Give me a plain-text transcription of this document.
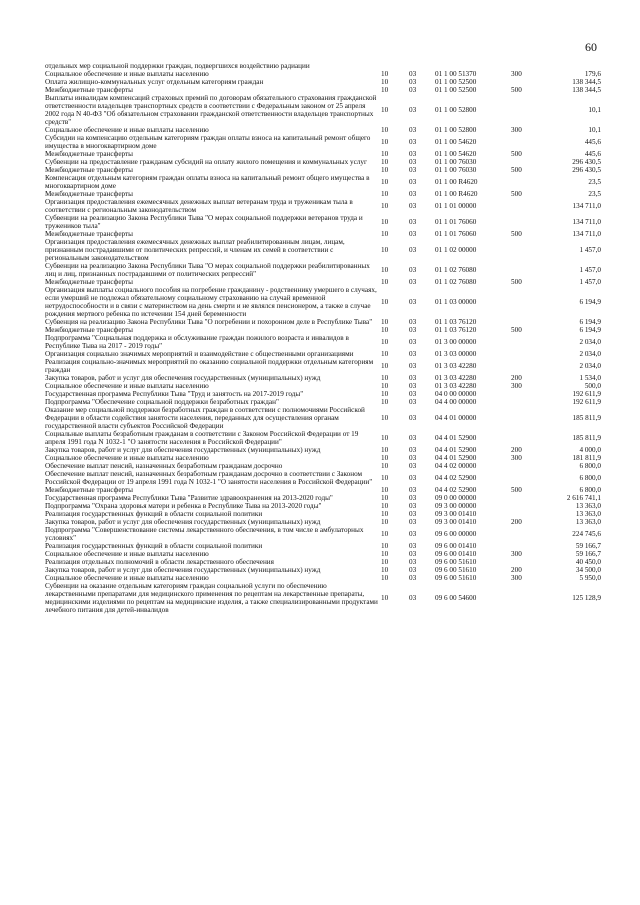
60
отдельных мер социальной поддержки граждан, подвергшихся воздействию радиации					
Социальное обеспечение и иные выплаты населению	10	03	01 1 00 51370	300	179,6
Оплата жилищно-коммунальных услуг отдельным категориям граждан	10	03	01 1 00 52500		138 344,5
Межбюджетные трансферты	10	03	01 1 00 52500	500	138 344,5
Выплаты инвалидам компенсаций страховых премий по договорам обязательного страхования гражданской ответственности владельцев транспортных средств в соответствии с Федеральным законом от 25 апреля 2002 года N 40-ФЗ "Об обязательном страховании гражданской ответственности владельцев транспортных средств"	10	03	01 1 00 52800		10,1
Социальное обеспечение и иные выплаты населению	10	03	01 1 00 52800	300	10,1
Субсидии на компенсацию отдельным категориям граждан оплаты взноса на капитальный ремонт общего имущества в многоквартирном доме	10	03	01 1 00 54620		445,6
Межбюджетные трансферты	10	03	01 1 00 54620	500	445,6
Субвенции на предоставление гражданам субсидий на оплату жилого помещения и коммунальных услуг	10	03	01 1 00 76030		296 430,5
Межбюджетные трансферты	10	03	01 1 00 76030	500	296 430,5
Компенсация отдельным категориям граждан оплаты взноса на капитальный ремонт общего имущества в многоквартирном доме	10	03	01 1 00 R4620		23,5
Межбюджетные трансферты	10	03	01 1 00 R4620	500	23,5
Организация предоставления ежемесячных денежных выплат ветеранам труда и труженикам тыла в соответствии с региональным законодательством	10	03	01 1 01 00000		134 711,0
Субвенции на реализацию Закона Республики Тыва "О мерах социальной поддержки ветеранов труда и тружеников тыла"	10	03	01 1 01 76060		134 711,0
Межбюджетные трансферты	10	03	01 1 01 76060	500	134 711,0
Организация предоставления ежемесячных денежных выплат реабилитированным лицам, лицам, признанным пострадавшими от политических репрессий, и членам их семей в соответствии с региональным законодательством	10	03	01 1 02 00000		1 457,0
Субвенции на реализацию Закона Республики Тыва "О мерах социальной поддержки реабилитированных лиц и лиц, признанных пострадавшими от политических репрессий"	10	03	01 1 02 76080		1 457,0
Межбюджетные трансферты	10	03	01 1 02 76080	500	1 457,0
Организация выплаты социального пособия на погребение гражданину - родственнику умершего в случаях, если умерший не подлежал обязательному социальному страхованию на случай временной нетрудоспособности и в связи с материнством на день смерти и не являлся пенсионером, а также в случае рождения мертвого ребенка по истечении 154 дней беременности	10	03	01 1 03 00000		6 194,9
Субвенция на реализацию Закона Республики Тыва "О погребении и похоронном деле в Республике Тыва"	10	03	01 1 03 76120		6 194,9
Межбюджетные трансферты	10	03	01 1 03 76120	500	6 194,9
Подпрограмма "Социальная поддержка и обслуживание граждан пожилого возраста и инвалидов в Республике Тыва на 2017 - 2019 годы"	10	03	01 3 00 00000		2 034,0
Организация социально значимых мероприятий и взаимодействие с общественными организациями	10	03	01 3 03 00000		2 034,0
Реализация социально-значимых мероприятий по оказанию социальной поддержки отдельным категориям граждан	10	03	01 3 03 42280		2 034,0
Закупка товаров, работ и услуг для обеспечения государственных (муниципальных) нужд	10	03	01 3 03 42280	200	1 534,0
Социальное обеспечение и иные выплаты населению	10	03	01 3 03 42280	300	500,0
Государственная программа Республики Тыва "Труд и занятость на 2017-2019 годы"	10	03	04 0 00 00000		192 611,9
Подпрограмма "Обеспечение социальной поддержки безработных граждан"	10	03	04 4 00 00000		192 611,9
Оказание мер социальной поддержки безработных граждан в соответствии с полномочиями Российской Федерации в области содействия занятости населения, переданных для осуществления органам государственной власти субъектов Российской Федерации	10	03	04 4 01 00000		185 811,9
Социальные выплаты безработным гражданам в соответствии с Законом Российской Федерации от 19 апреля 1991 года N 1032-1 "О занятости населения в Российской Федерации"	10	03	04 4 01 52900		185 811,9
Закупка товаров, работ и услуг для обеспечения государственных (муниципальных) нужд	10	03	04 4 01 52900	200	4 000,0
Социальное обеспечение и иные выплаты населению	10	03	04 4 01 52900	300	181 811,9
Обеспечение выплат пенсий, назначенных безработным гражданам досрочно	10	03	04 4 02 00000		6 800,0
Обеспечение выплат пенсий, назначенных безработным гражданам досрочно в соответствии с Законом Российской Федерации от 19 апреля 1991 года N 1032-1 "О занятости населения в Российской Федерации"	10	03	04 4 02 52900		6 800,0
Межбюджетные трансферты	10	03	04 4 02 52900	500	6 800,0
Государственная программа Республики Тыва "Развитие здравоохранения на 2013-2020 годы"	10	03	09 0 00 00000		2 616 741,1
Подпрограмма "Охрана здоровья матери и ребенка в Республике Тыва на 2013-2020 годы"	10	03	09 3 00 00000		13 363,0
Реализация государственных функций в области социальной политики	10	03	09 3 00 01410		13 363,0
Закупка товаров, работ и услуг для обеспечения государственных (муниципальных) нужд	10	03	09 3 00 01410	200	13 363,0
Подпрограмма "Совершенствование системы лекарственного обеспечения, в том числе в амбулаторных условиях"	10	03	09 6 00 00000		224 745,6
Реализация государственных функций в области социальной политики	10	03	09 6 00 01410		59 166,7
Социальное обеспечение и иные выплаты населению	10	03	09 6 00 01410	300	59 166,7
Реализация отдельных полномочий в области лекарственного обеспечения	10	03	09 6 00 51610		40 450,0
Закупка товаров, работ и услуг для обеспечения государственных (муниципальных) нужд	10	03	09 6 00 51610	200	34 500,0
Социальное обеспечение и иные выплаты населению	10	03	09 6 00 51610	300	5 950,0
Субвенции на оказание отдельным категориям граждан социальной услуги по обеспечению лекарственными препаратами для медицинского применения по рецептам на лекарственные препараты, медицинскими изделиями по рецептам на медицинские изделия, а также специализированными продуктами лечебного питания для детей-инвалидов	10	03	09 6 00 54600		125 128,9
